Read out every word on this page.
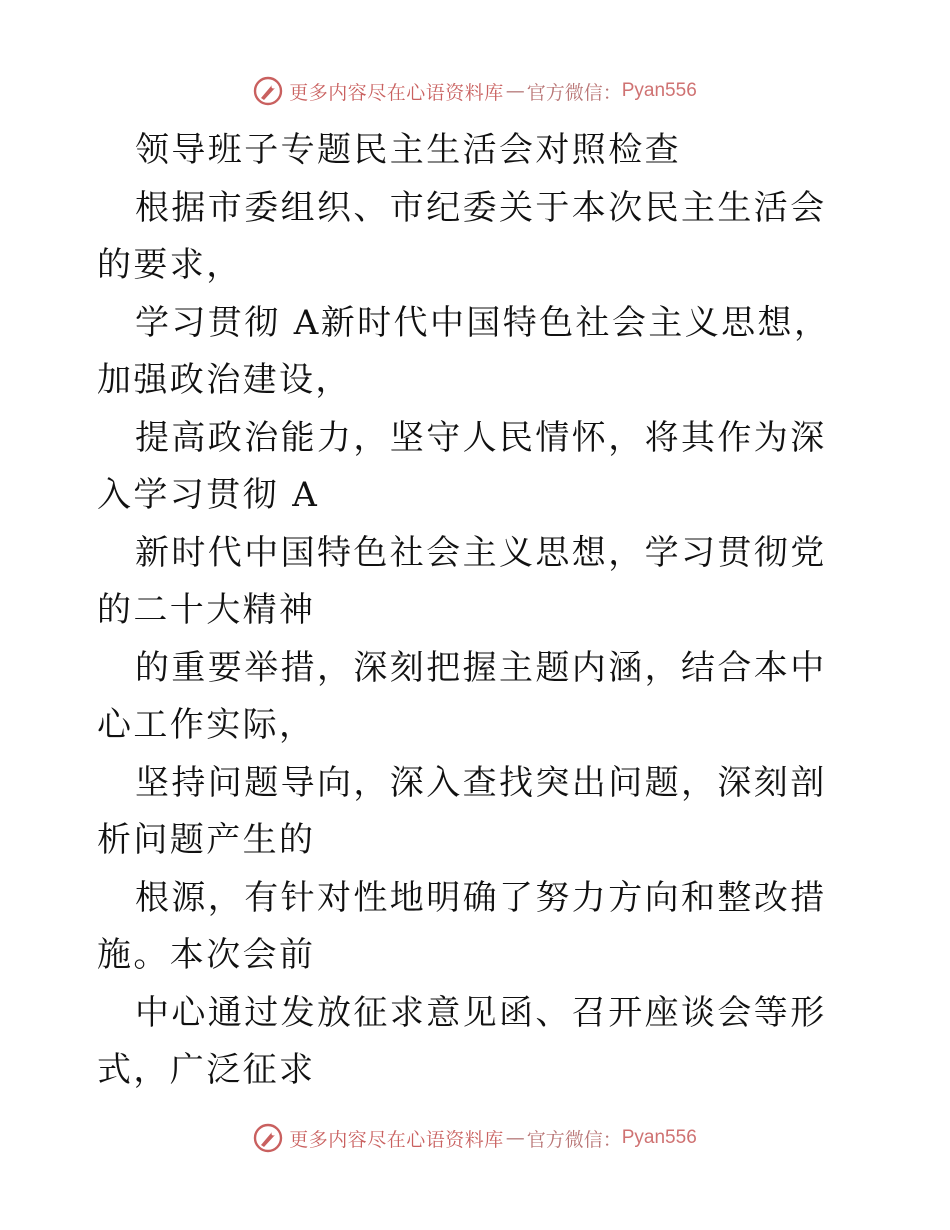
更多内容尽在心语资料库 — 官方微信： Pyan556

领导班子专题民主生活会对照检查

根据市委组织、市纪委关于本次民主生活会的要求，

学习贯彻 A新时代中国特色社会主义思想，加强政治建设，

提高政治能力，坚守人民情怀，将其作为深入学习贯彻 A

新时代中国特色社会主义思想，学习贯彻党的二十大精神

的重要举措，深刻把握主题内涵，结合本中心工作实际，

坚持问题导向，深入查找突出问题，深刻剖析问题产生的

根源，有针对性地明确了努力方向和整改措施。本次会前

中心通过发放征求意见函、召开座谈会等形式，广泛征求

更多内容尽在心语资料库 — 官方微信： Pyan556
